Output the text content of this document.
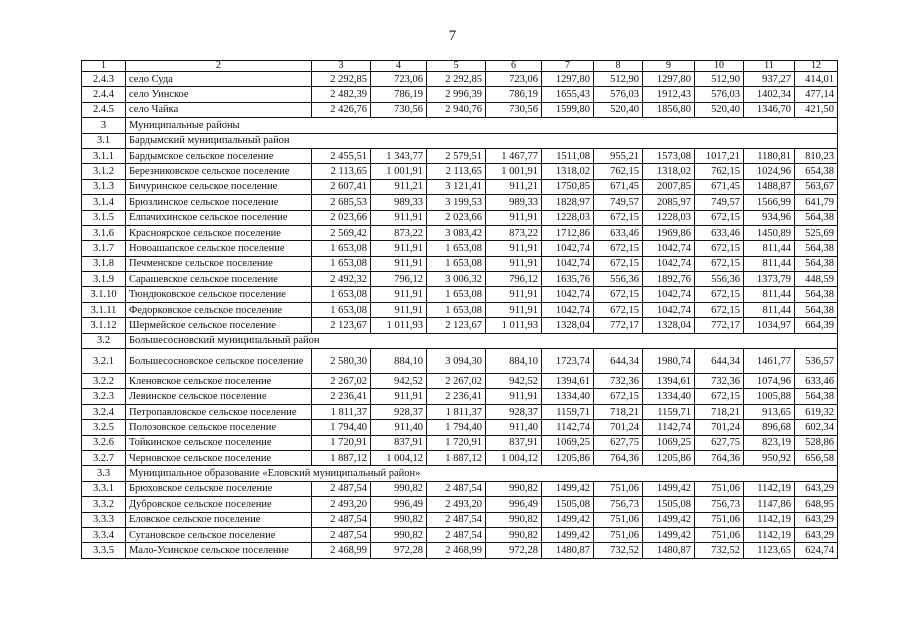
7
1	2	3	4	5	6	7	8	9	10	11	12
2.4.3	село Суда	2 292,85	723,06	2 292,85	723,06	1297,80	512,90	1297,80	512,90	937,27	414,01
2.4.4	село Уинское	2 482,39	786,19	2 996,39	786,19	1655,43	576,03	1912,43	576,03	1402,34	477,14
2.4.5	село Чайка	2 426,76	730,56	2 940,76	730,56	1599,80	520,40	1856,80	520,40	1346,70	421,50
3	Муниципальные районы										
3.1	Бардымский муниципальный район										
3.1.1	Бардымское сельское поселение	2 455,51	1 343,77	2 579,51	1 467,77	1511,08	955,21	1573,08	1017,21	1180,81	810,23
3.1.2	Березниковское сельское поселение	2 113,65	1 001,91	2 113,65	1 001,91	1318,02	762,15	1318,02	762,15	1024,96	654,38
3.1.3	Бичуринское сельское поселение	2 607,41	911,21	3 121,41	911,21	1750,85	671,45	2007,85	671,45	1488,87	563,67
3.1.4	Брюзлинское сельское поселение	2 685,53	989,33	3 199,53	989,33	1828,97	749,57	2085,97	749,57	1566,99	641,79
3.1.5	Елпачихинское сельское поселение	2 023,66	911,91	2 023,66	911,91	1228,03	672,15	1228,03	672,15	934,96	564,38
3.1.6	Красноярское сельское поселение	2 569,42	873,22	3 083,42	873,22	1712,86	633,46	1969,86	633,46	1450,89	525,69
3.1.7	Новоашапское сельское поселение	1 653,08	911,91	1 653,08	911,91	1042,74	672,15	1042,74	672,15	811,44	564,38
3.1.8	Печменское сельское поселение	1 653,08	911,91	1 653,08	911,91	1042,74	672,15	1042,74	672,15	811,44	564,38
3.1.9	Сарашевское сельское поселение	2 492,32	796,12	3 006,32	796,12	1635,76	556,36	1892,76	556,36	1373,79	448,59
3.1.10	Тюндюковское сельское поселение	1 653,08	911,91	1 653,08	911,91	1042,74	672,15	1042,74	672,15	811,44	564,38
3.1.11	Федорковское сельское поселение	1 653,08	911,91	1 653,08	911,91	1042,74	672,15	1042,74	672,15	811,44	564,38
3.1.12	Шермейское сельское поселение	2 123,67	1 011,93	2 123,67	1 011,93	1328,04	772,17	1328,04	772,17	1034,97	664,39
3.2	Большесосновский муниципальный район										
3.2.1	Большесосновское сельское поселение	2 580,30	884,10	3 094,30	884,10	1723,74	644,34	1980,74	644,34	1461,77	536,57
3.2.2	Кленовское сельское поселение	2 267,02	942,52	2 267,02	942,52	1394,61	732,36	1394,61	732,36	1074,96	633,46
3.2.3	Левинское сельское поселение	2 236,41	911,91	2 236,41	911,91	1334,40	672,15	1334,40	672,15	1005,88	564,38
3.2.4	Петропавловское сельское поселение	1 811,37	928,37	1 811,37	928,37	1159,71	718,21	1159,71	718,21	913,65	619,32
3.2.5	Полозовское сельское поселение	1 794,40	911,40	1 794,40	911,40	1142,74	701,24	1142,74	701,24	896,68	602,34
3.2.6	Тойкинское сельское поселение	1 720,91	837,91	1 720,91	837,91	1069,25	627,75	1069,25	627,75	823,19	528,86
3.2.7	Черновское сельское поселение	1 887,12	1 004,12	1 887,12	1 004,12	1205,86	764,36	1205,86	764,36	950,92	656,58
3.3	Муниципальное образование «Еловский муниципальный район»										
3.3.1	Брюховское сельское поселение	2 487,54	990,82	2 487,54	990,82	1499,42	751,06	1499,42	751,06	1142,19	643,29
3.3.2	Дубровское сельское поселение	2 493,20	996,49	2 493,20	996,49	1505,08	756,73	1505,08	756,73	1147,86	648,95
3.3.3	Еловское сельское поселение	2 487,54	990,82	2 487,54	990,82	1499,42	751,06	1499,42	751,06	1142,19	643,29
3.3.4	Сугановское сельское поселение	2 487,54	990,82	2 487,54	990,82	1499,42	751,06	1499,42	751,06	1142,19	643,29
3.3.5	Мало-Усинское сельское поселение	2 468,99	972,28	2 468,99	972,28	1480,87	732,52	1480,87	732,52	1123,65	624,74
